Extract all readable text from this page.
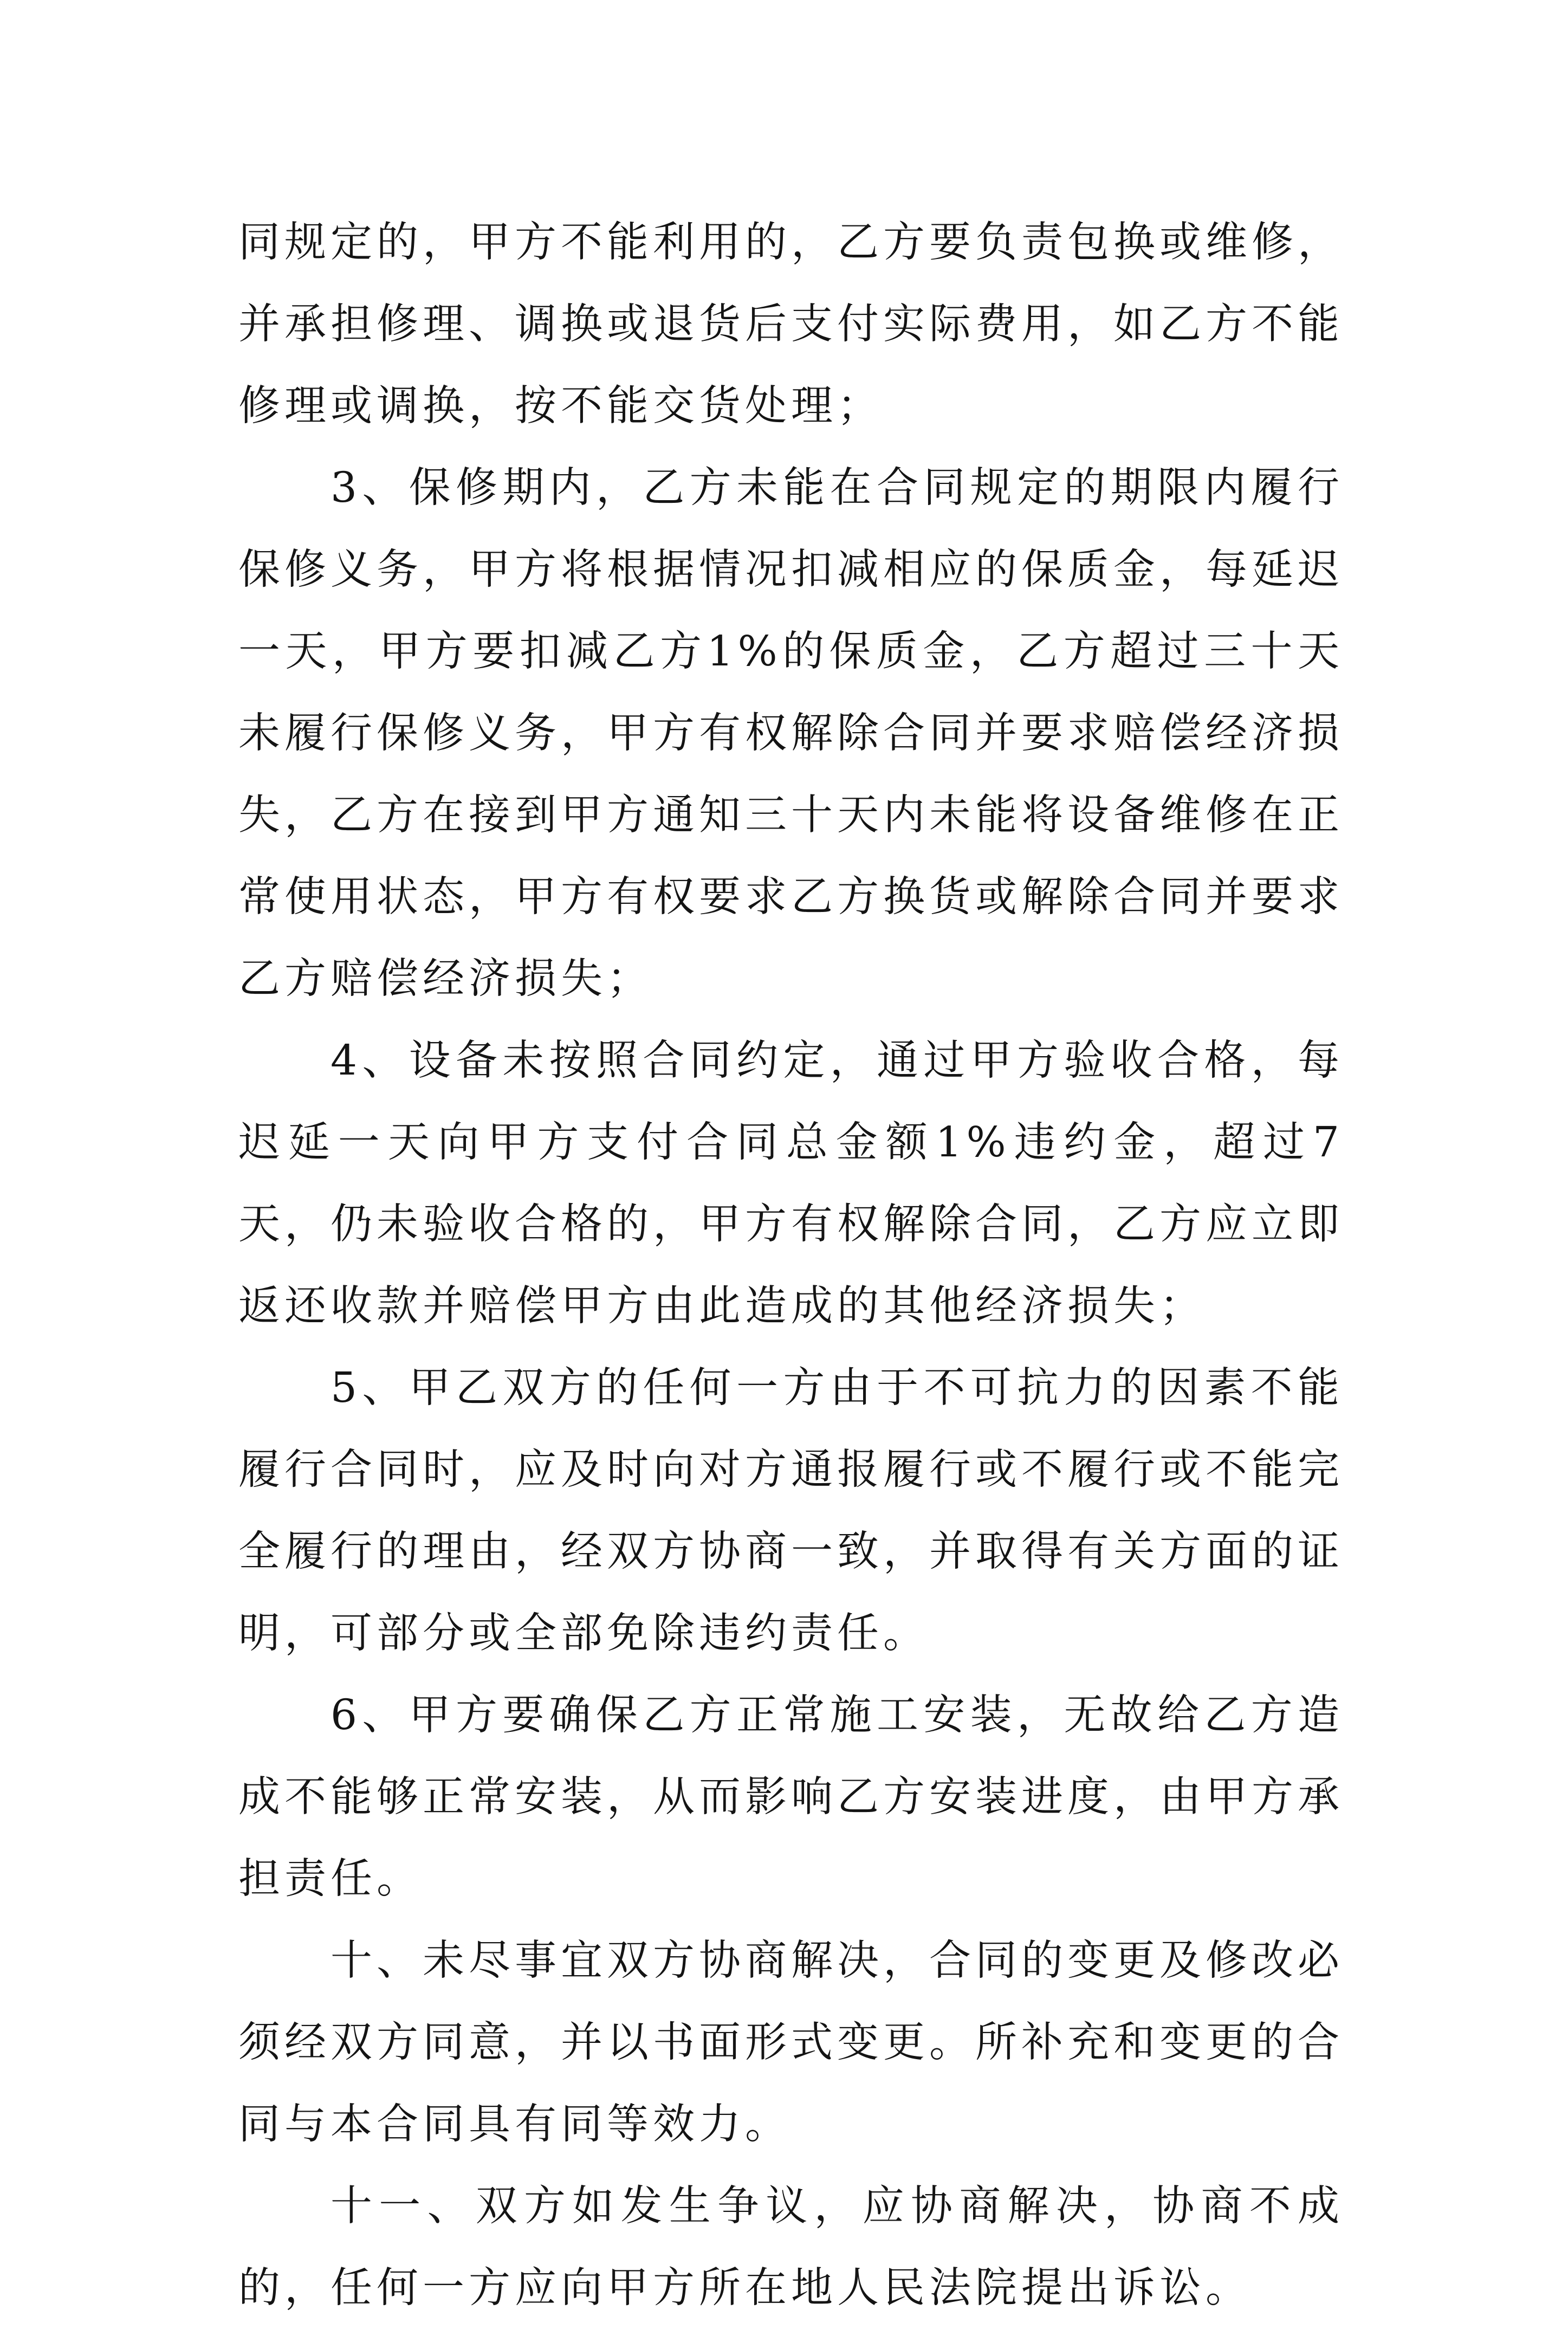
同规定的，甲方不能利用的，乙方要负责包换或维修，并承担修理、调换或退货后支付实际费用，如乙方不能修理或调换，按不能交货处理；

3、保修期内，乙方未能在合同规定的期限内履行保修义务，甲方将根据情况扣减相应的保质金，每延迟一天，甲方要扣减乙方1%的保质金，乙方超过三十天未履行保修义务，甲方有权解除合同并要求赔偿经济损失，乙方在接到甲方通知三十天内未能将设备维修在正常使用状态，甲方有权要求乙方换货或解除合同并要求乙方赔偿经济损失；

4、设备未按照合同约定，通过甲方验收合格，每迟延一天向甲方支付合同总金额1%违约金，超过7天，仍未验收合格的，甲方有权解除合同，乙方应立即返还收款并赔偿甲方由此造成的其他经济损失；

5、甲乙双方的任何一方由于不可抗力的因素不能履行合同时，应及时向对方通报履行或不履行或不能完全履行的理由，经双方协商一致，并取得有关方面的证明，可部分或全部免除违约责任。

6、甲方要确保乙方正常施工安装，无故给乙方造成不能够正常安装，从而影响乙方安装进度，由甲方承担责任。

十、未尽事宜双方协商解决，合同的变更及修改必须经双方同意，并以书面形式变更。所补充和变更的合同与本合同具有同等效力。

十一、双方如发生争议，应协商解决，协商不成的，任何一方应向甲方所在地人民法院提出诉讼。
